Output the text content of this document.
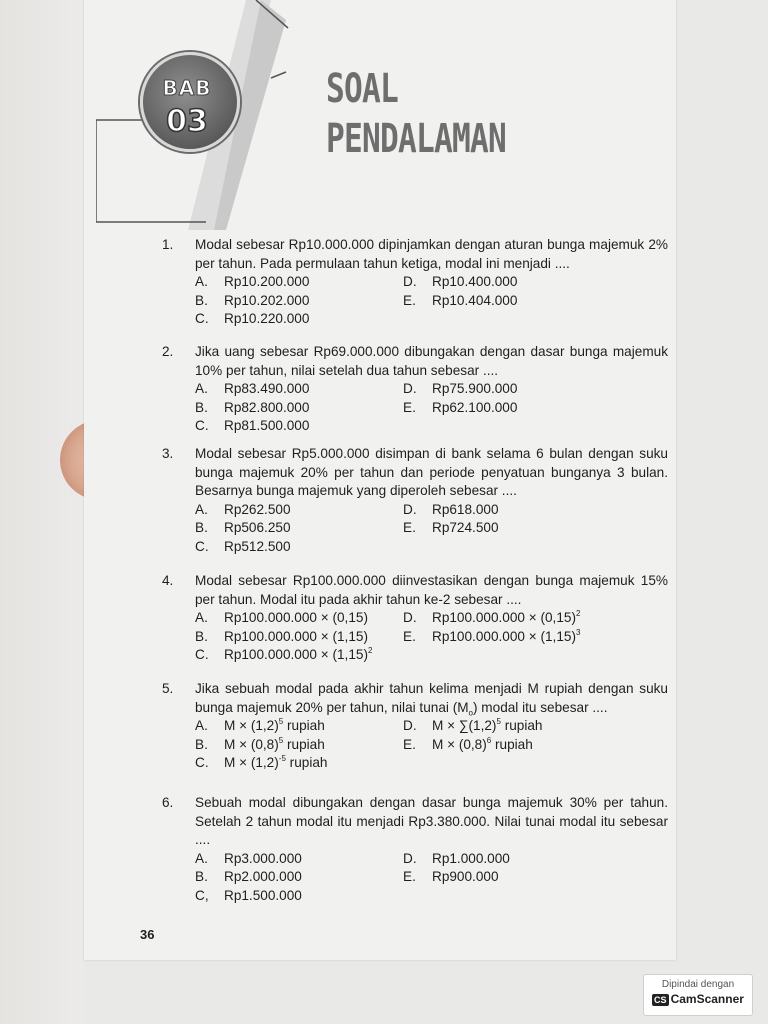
BAB
03
SOAL
PENDALAMAN
1.	Modal sebesar Rp10.000.000 dipinjamkan dengan aturan bunga majemuk 2% per tahun. Pada permulaan tahun ketiga, modal ini menjadi ....
A. Rp10.200.000
B. Rp10.202.000
C. Rp10.220.000
D. Rp10.400.000
E. Rp10.404.000
2.	Jika uang sebesar Rp69.000.000 dibungakan dengan dasar bunga majemuk 10% per tahun, nilai setelah dua tahun sebesar ....
A. Rp83.490.000
B. Rp82.800.000
C. Rp81.500.000
D. Rp75.900.000
E. Rp62.100.000
3.	Modal sebesar Rp5.000.000 disimpan di bank selama 6 bulan dengan suku bunga majemuk 20% per tahun dan periode penyatuan bunganya 3 bulan. Besarnya bunga majemuk yang diperoleh sebesar ....
A. Rp262.500
B. Rp506.250
C. Rp512.500
D. Rp618.000
E. Rp724.500
4.	Modal sebesar Rp100.000.000 diinvestasikan dengan bunga majemuk 15% per tahun. Modal itu pada akhir tahun ke-2 sebesar ....
A. Rp100.000.000 × (0,15)
B. Rp100.000.000 × (1,15)
C. $Rp100.000.000 \times (1,15)^2$
D. $Rp100.000.000 \times (0,15)^2$
E. $Rp100.000.000 \times (1,15)^3$
5.	Jika sebuah modal pada akhir tahun kelima menjadi M rupiah dengan suku bunga majemuk 20% per tahun, nilai tunai $(M_o)$ modal itu sebesar ....
A. $M \times (1,2)^5$ rupiah
B. $M \times (0,8)^5$ rupiah
C. $M \times (1,2)^{-5}$ rupiah
D. $M \times \sum(1,2)^5$ rupiah
E. $M \times (0,8)^6$ rupiah
6.	Sebuah modal dibungakan dengan dasar bunga majemuk 30% per tahun. Setelah 2 tahun modal itu menjadi Rp3.380.000. Nilai tunai modal itu sebesar ....
A. Rp3.000.000
B. Rp2.000.000
C, Rp1.500.000
D. Rp1.000.000
E. Rp900.000
36
Dipindai dengan
CS CamScanner
